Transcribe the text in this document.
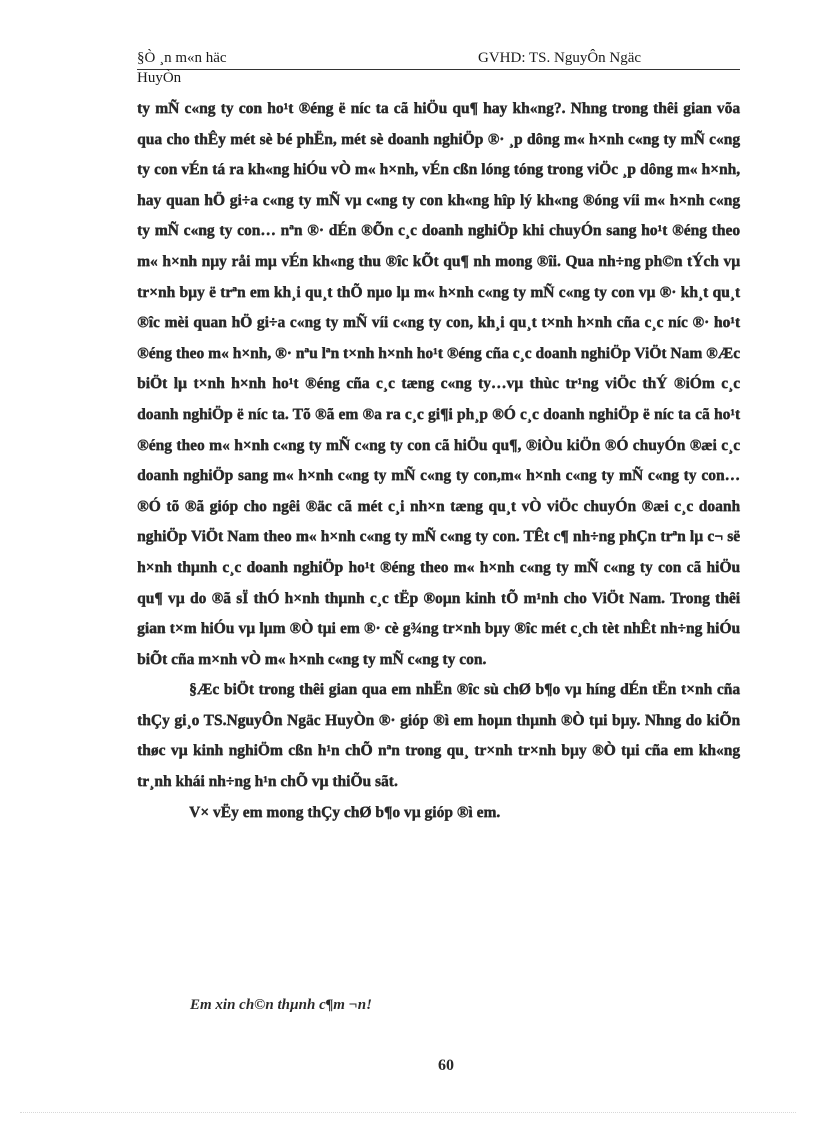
§Ò ¸n m«n häc	GVHD: TS. NguyÔn Ngäc
HuyÒn

ty mÑ c«ng ty con ho¹t ®éng ë níc ta cã hiÖu qu¶ hay kh«ng?. Nhng trong thêi gian võa qua cho thÊy mét sè bé phËn, mét sè doanh nghiÖp ®· ¸p dông m« h×nh c«ng ty mÑ c«ng ty con vÉn tá ra kh«ng hiÓu vÒ m« h×nh, vÉn cßn lóng tóng trong viÖc ¸p dông m« h×nh, hay quan hÖ gi÷a c«ng ty mÑ vµ c«ng ty con kh«ng hîp lý kh«ng ®óng víi m« h×nh c«ng ty mÑ c«ng ty con… nªn ®· dÉn ®Õn c¸c doanh nghiÖp khi chuyÓn sang ho¹t ®éng theo m« h×nh nµy råi mµ vÉn kh«ng thu ®îc kÕt qu¶ nh mong ®îi. Qua nh÷ng ph©n tÝch vµ tr×nh bµy ë trªn em kh¸i qu¸t thÕ nµo lµ m« h×nh c«ng ty mÑ c«ng ty con vµ ®· kh¸t qu¸t ®îc mèi quan hÖ gi÷a c«ng ty mÑ víi c«ng ty con, kh¸i qu¸t t×nh h×nh cña c¸c níc ®· ho¹t ®éng theo m« h×nh, ®· nªu lªn t×nh h×nh ho¹t ®éng cña c¸c doanh nghiÖp ViÖt Nam ®Æc biÖt lµ t×nh h×nh ho¹t ®éng cña c¸c tæng c«ng ty…vµ thùc tr¹ng viÖc thÝ ®iÓm c¸c doanh nghiÖp ë níc ta. Tõ ®ã em ®a ra c¸c gi¶i ph¸p ®Ó c¸c doanh nghiÖp ë níc ta cã ho¹t ®éng theo m« h×nh c«ng ty mÑ c«ng ty con cã hiÖu qu¶, ®iÒu kiÖn ®Ó chuyÓn ®æi c¸c doanh nghiÖp sang m« h×nh c«ng ty mÑ c«ng ty con,m« h×nh c«ng ty mÑ c«ng ty con… ®Ó tõ ®ã gióp cho ngêi ®äc cã mét c¸i nh×n tæng qu¸t vÒ viÖc chuyÓn ®æi c¸c doanh nghiÖp ViÖt Nam theo m« h×nh c«ng ty mÑ c«ng ty con. TÊt c¶ nh÷ng phÇn trªn lµ c¬ së h×nh thµnh c¸c doanh nghiÖp ho¹t ®éng theo m« h×nh c«ng ty mÑ c«ng ty con cã hiÖu qu¶ vµ do ®ã sÏ thÓ h×nh thµnh c¸c tËp ®oµn kinh tÕ m¹nh cho ViÖt Nam. Trong thêi gian t×m hiÓu vµ lµm ®Ò tµi em ®· cè g¾ng tr×nh bµy ®îc mét c¸ch tèt nhÊt nh÷ng hiÓu biÕt cña m×nh vÒ m« h×nh c«ng ty mÑ c«ng ty con.

§Æc biÖt trong thêi gian qua em nhËn ®îc sù chØ b¶o vµ híng dÉn tËn t×nh cña thÇy gi¸o TS.NguyÔn Ngäc HuyÒn ®· gióp ®ì em hoµn thµnh ®Ò tµi bµy. Nhng do kiÕn thøc vµ kinh nghiÖm cßn h¹n chÕ nªn trong qu¸ tr×nh tr×nh bµy ®Ò tµi cña em kh«ng tr¸nh khái nh÷ng h¹n chÕ vµ thiÕu sãt.

V× vËy em mong thÇy chØ b¶o vµ gióp ®ì em.

Em xin ch©n thµnh c¶m ¬n!
60
